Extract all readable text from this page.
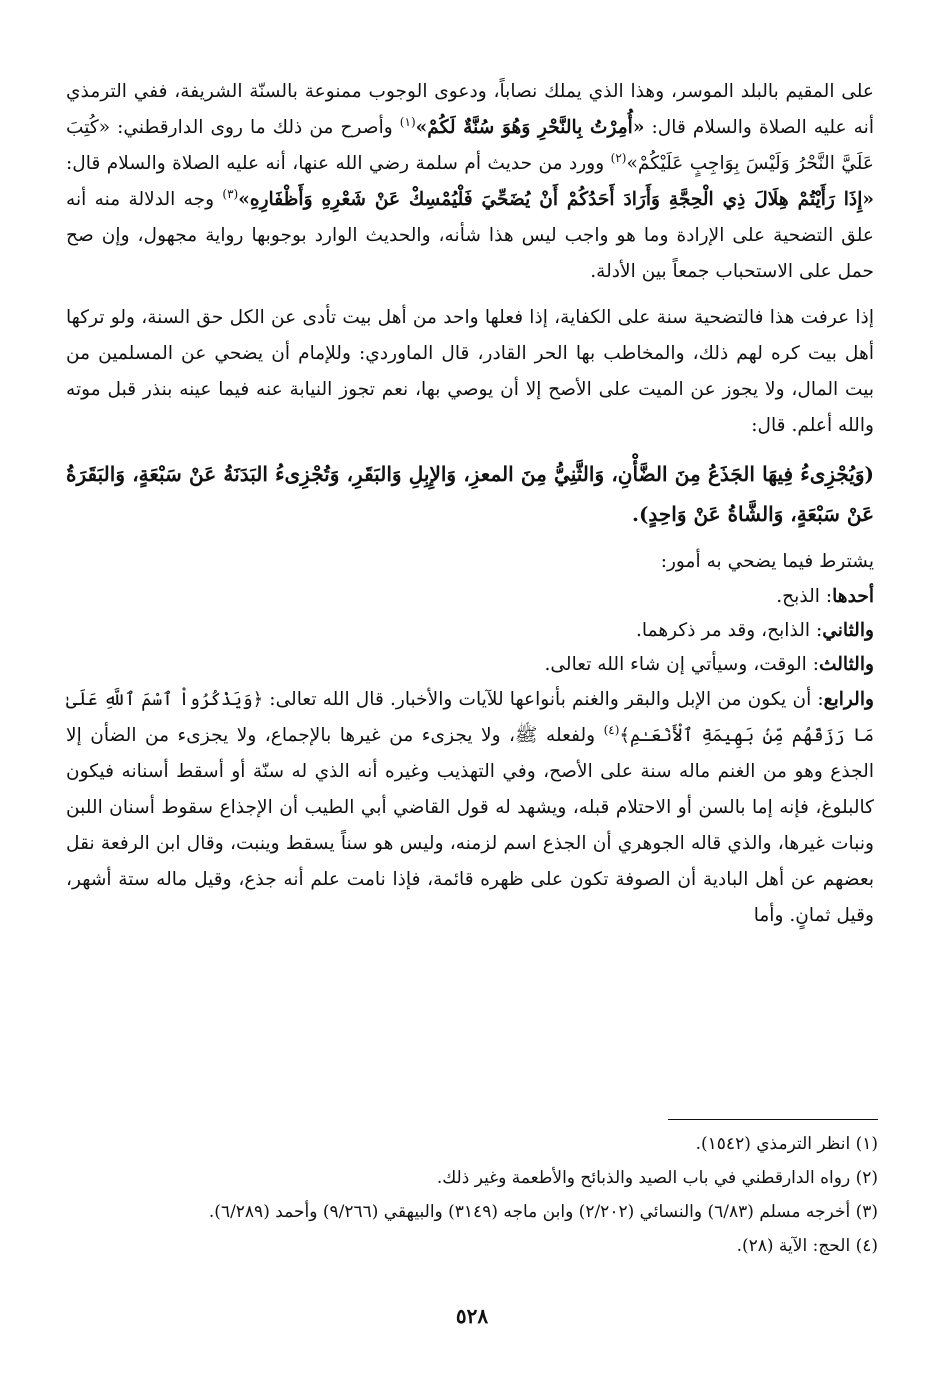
على المقيم بالبلد الموسر، وهذا الذي يملك نصاباً، ودعوى الوجوب ممنوعة بالسنّة الشريفة، ففي الترمذي أنه عليه الصلاة والسلام قال: «أُمِرْتُ بِالنَّحْرِ وَهُوَ سُنَّةٌ لَكُمْ»$^{(١)}$ وأصرح من ذلك ما روى الدارقطني: «كُتِبَ عَلَيَّ النَّحْرُ وَلَيْسَ بِوَاجِبٍ عَلَيْكُمْ»$^{(٢)}$ وورد من حديث أم سلمة رضي الله عنها، أنه عليه الصلاة والسلام قال: «إِذَا رَأَيْتُمْ هِلَالَ ذِي الْحِجَّةِ وَأَرَادَ أَحَدُكُمْ أَنْ يُضَحِّيَ فَلْيُمْسِكْ عَنْ شَعْرِهِ وَأَظْفَارِهِ»$^{(٣)}$ وجه الدلالة منه أنه علق التضحية على الإرادة وما هو واجب ليس هذا شأنه، والحديث الوارد بوجوبها رواية مجهول، وإن صح حمل على الاستحباب جمعاً بين الأدلة.

إذا عرفت هذا فالتضحية سنة على الكفاية، إذا فعلها واحد من أهل بيت تأدى عن الكل حق السنة، ولو تركها أهل بيت كره لهم ذلك، والمخاطب بها الحر القادر، قال الماوردي: وللإمام أن يضحي عن المسلمين من بيت المال، ولا يجوز عن الميت على الأصح إلا أن يوصي بها، نعم تجوز النيابة عنه فيما عينه بنذر قبل موته والله أعلم. قال:

(وَيُجْزِىءُ فِيهَا الجَذَعُ مِنَ الضَّأْنِ، وَالثَّنِيُّ مِنَ المعزِ، وَالإِبِلِ وَالبَقَرِ، وَتُجْزِىءُ البَدَنَةُ عَنْ سَبْعَةٍ، وَالبَقَرَةُ عَنْ سَبْعَةٍ، وَالشَّاةُ عَنْ وَاحِدٍ).

يشترط فيما يضحي به أمور:

أحدها: الذبح.

والثاني: الذابح، وقد مر ذكرهما.

والثالث: الوقت، وسيأتي إن شاء الله تعالى.

والرابع: أن يكون من الإبل والبقر والغنم بأنواعها للآيات والأخبار. قال الله تعالى: ﴿وَيَذْكُرُواْ ٱسْمَ ٱللَّهِ عَلَىٰ مَا رَزَقَهُم مِّنۢ بَهِيمَةِ ٱلْأَنْعَـٰمِ﴾$^{(٤)}$ ولفعله ﷺ، ولا يجزىء من غيرها بالإجماع، ولا يجزىء من الضأن إلا الجذع وهو من الغنم ماله سنة على الأصح، وفي التهذيب وغيره أنه الذي له سنّة أو أسقط أسنانه فيكون كالبلوغ، فإنه إما بالسن أو الاحتلام قبله، ويشهد له قول القاضي أبي الطيب أن الإجذاع سقوط أسنان اللبن ونبات غيرها، والذي قاله الجوهري أن الجذع اسم لزمنه، وليس هو سناً يسقط وينبت، وقال ابن الرفعة نقل بعضهم عن أهل البادية أن الصوفة تكون على ظهره قائمة، فإذا نامت علم أنه جذع، وقيل ماله ستة أشهر، وقيل ثمانٍ. وأما

(١) انظر الترمذي (١٥٤٢).

(٢) رواه الدارقطني في باب الصيد والذبائح والأطعمة وغير ذلك.

(٣) أخرجه مسلم (٦/٨٣) والنسائي (٢/٢٠٢) وابن ماجه (٣١٤٩) والبيهقي (٩/٢٦٦) وأحمد (٦/٢٨٩).

(٤) الحج: الآية (٢٨).

٥٢٨
